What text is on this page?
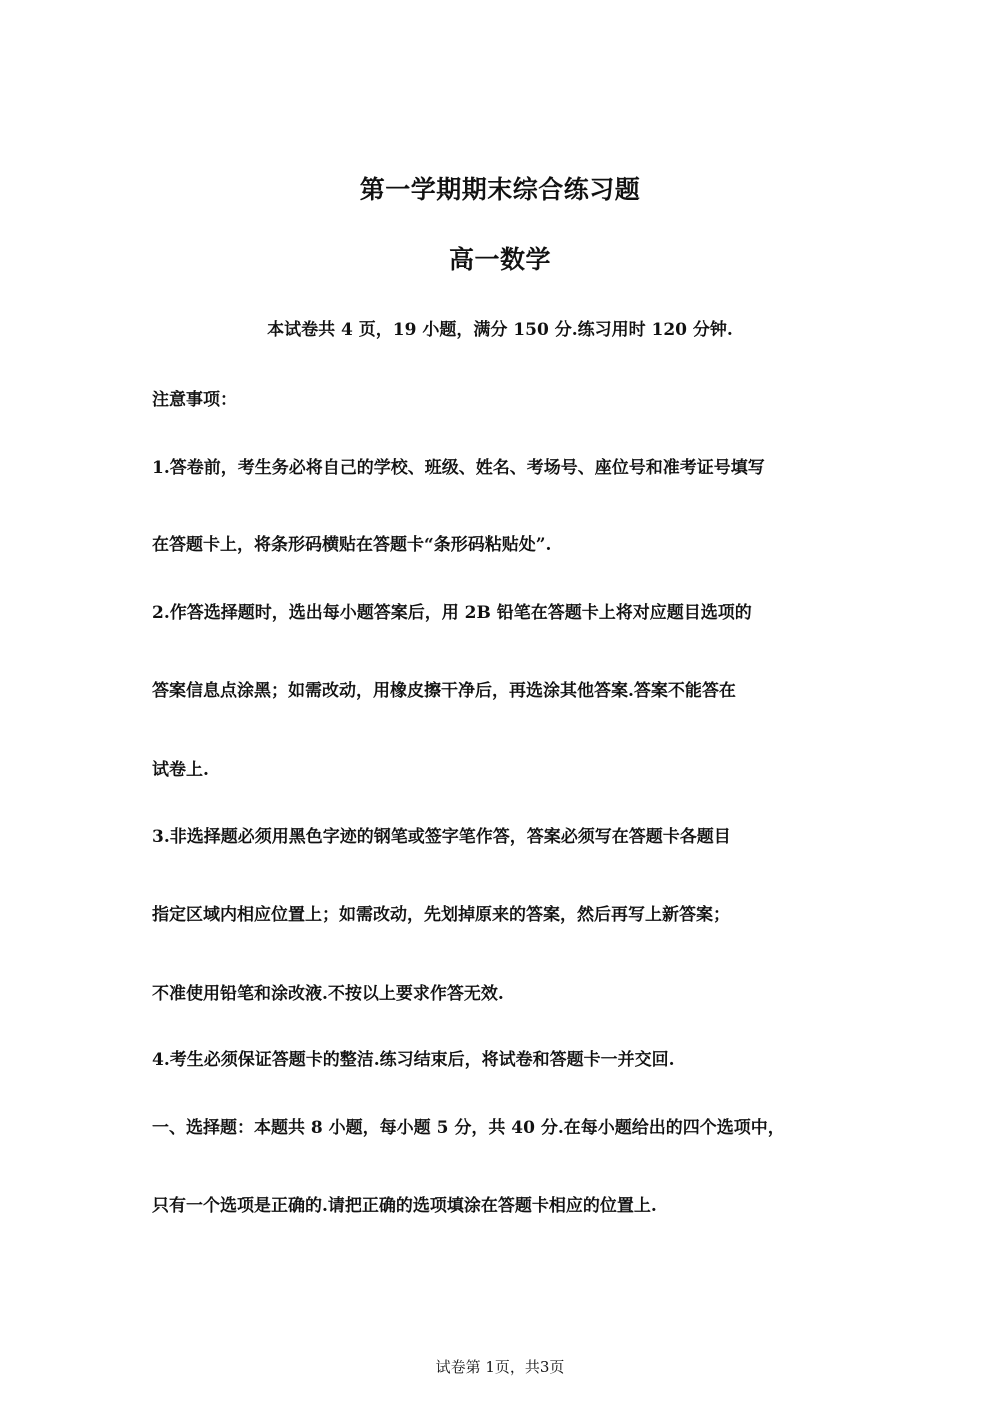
第一学期期末综合练习题
高一数学
本试卷共 4 页，19 小题，满分 150 分.练习用时 120 分钟.
注意事项：
1.答卷前，考生务必将自己的学校、班级、姓名、考场号、座位号和准考证号填写
在答题卡上，将条形码横贴在答题卡“条形码粘贴处”.
2.作答选择题时，选出每小题答案后，用 2B 铅笔在答题卡上将对应题目选项的
答案信息点涂黑；如需改动，用橡皮擦干净后，再选涂其他答案.答案不能答在
试卷上.
3.非选择题必须用黑色字迹的钢笔或签字笔作答，答案必须写在答题卡各题目
指定区域内相应位置上；如需改动，先划掉原来的答案，然后再写上新答案；
不准使用铅笔和涂改液.不按以上要求作答无效.
4.考生必须保证答题卡的整洁.练习结束后，将试卷和答题卡一并交回.
一、选择题：本题共 8 小题，每小题 5 分，共 40 分.在每小题给出的四个选项中，
只有一个选项是正确的.请把正确的选项填涂在答题卡相应的位置上.
试卷第 1页，共3页
